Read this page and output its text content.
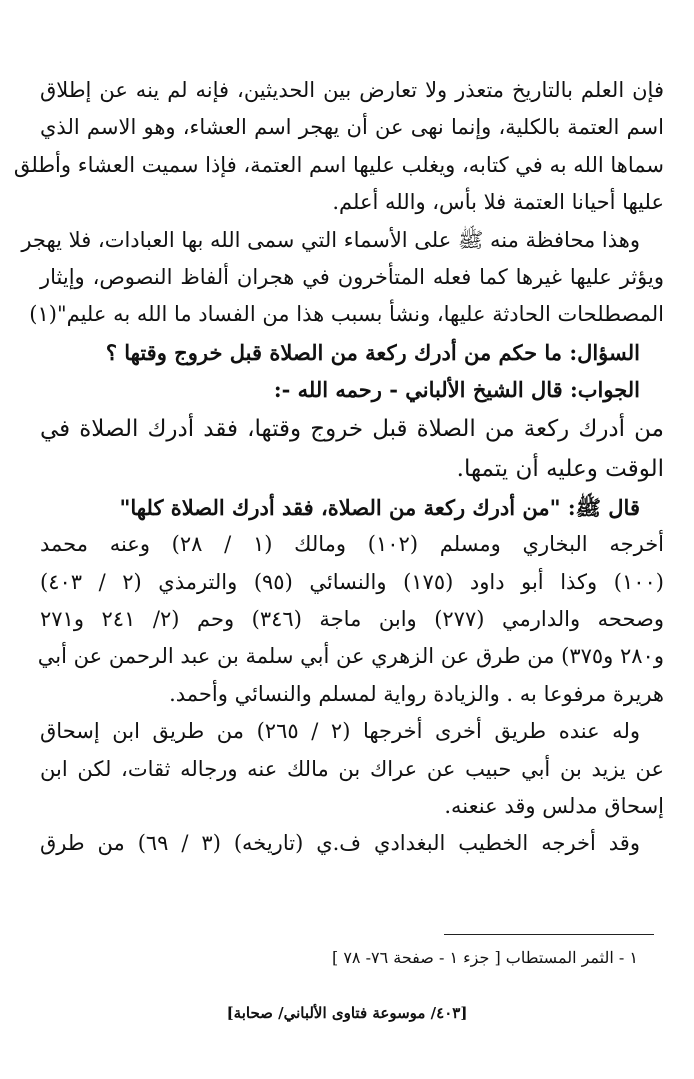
فإن العلم بالتاريخ متعذر ولا تعارض بين الحديثين، فإنه لم ينه عن إطلاق
اسم العتمة بالكلية، وإنما نهى عن أن يهجر اسم العشاء، وهو الاسم الذي
سماها الله به في كتابه، ويغلب عليها اسم العتمة، فإذا سميت العشاء وأطلق
عليها أحيانا العتمة فلا بأس، والله أعلم.
وهذا محافظة منه ﷺ على الأسماء التي سمى الله بها العبادات، فلا يهجر
ويؤثر عليها غيرها كما فعله المتأخرون في هجران ألفاظ النصوص، وإيثار
المصطلحات الحادثة عليها، ونشأ بسبب هذا من الفساد ما الله به عليم"(١)
السؤال: ما حكم من أدرك ركعة من الصلاة قبل خروج وقتها ؟
الجواب: قال الشيخ الألباني - رحمه الله -:
من أدرك ركعة من الصلاة قبل خروج وقتها، فقد أدرك الصلاة في
الوقت وعليه أن يتمها.
قال ﷺ: "من أدرك ركعة من الصلاة، فقد أدرك الصلاة كلها"
أخرجه البخاري ومسلم (١٠٢) ومالك (١ / ٢٨) وعنه محمد
(١٠٠) وكذا أبو داود (١٧٥) والنسائي (٩٥) والترمذي (٢ / ٤٠٣)
وصححه والدارمي (٢٧٧) وابن ماجة (٣٤٦) وحم (٢/ ٢٤١ و٢٧١
و٢٨٠ و٣٧٥) من طرق عن الزهري عن أبي سلمة بن عبد الرحمن عن أبي
هريرة مرفوعا به . والزيادة رواية لمسلم والنسائي وأحمد.
وله عنده طريق أخرى أخرجها (٢ / ٢٦٥) من طريق ابن إسحاق
عن يزيد بن أبي حبيب عن عراك بن مالك عنه ورجاله ثقات، لكن ابن
إسحاق مدلس وقد عنعنه.
وقد أخرجه الخطيب البغدادي ف.ي (تاريخه) (٣ / ٦٩) من طرق
١ - الثمر المستطاب [ جزء ١ - صفحة ٧٦- ٧٨ ]
[٤٠٣/ موسوعة فتاوى الألباني/ صحابة]
